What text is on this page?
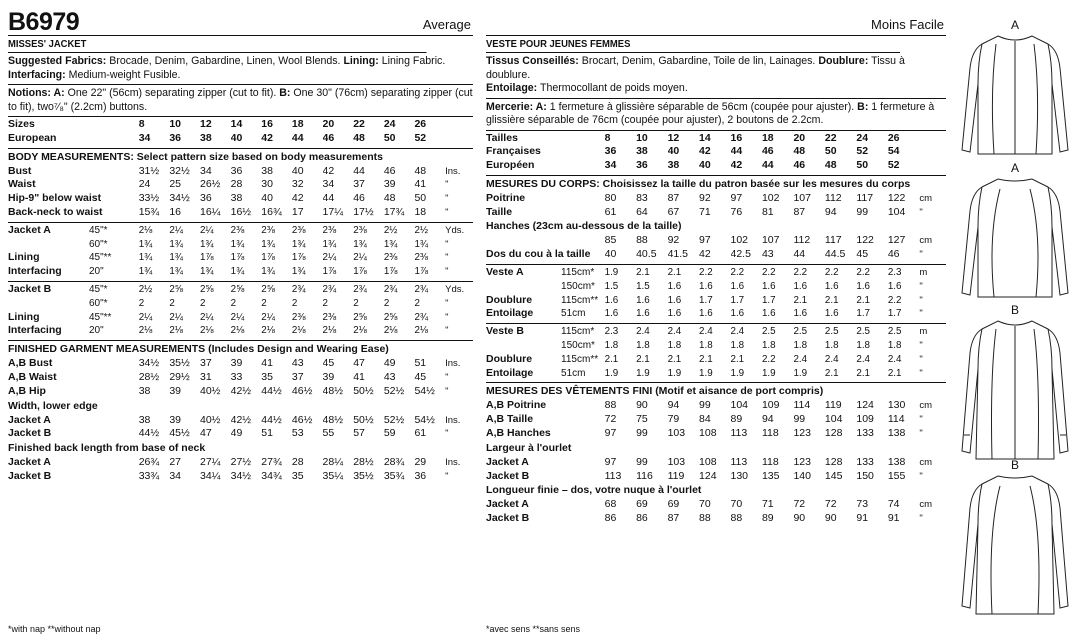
B6979	Average
MISSES' JACKET
Suggested Fabrics: Brocade, Denim, Gabardine, Linen, Wool Blends. Lining: Lining Fabric.
Interfacing: Medium-weight Fusible.
Notions: A: One 22" (56cm) separating zipper (cut to fit). B: One 30" (76cm) separating zipper (cut to fit), two⁷⁄₈" (2.2cm) buttons.
Sizes	8	10	12	14	16	18	20	22	24	26
European	34	36	38	40	42	44	46	48	50	52
BODY MEASUREMENTS: Select pattern size based on body measurements
Bust	31½	32½	34	36	38	40	42	44	46	48	Ins.
Waist	24	25	26½	28	30	32	34	37	39	41	"
Hip-9" below waist	33½	34½	36	38	40	42	44	46	48	50	"
Back-neck to waist	15¾	16	16¼	16½	16¾	17	17¼	17½	17¾	18	"
Jacket A	45"*	2⅛	2¼	2¼	2⅜	2⅜	2⅜	2⅜	2⅜	2½	2½	Yds.
	60"*	1¾	1¾	1¾	1¾	1¾	1¾	1¾	1¾	1¾	1¾	"
Lining	45"**	1¾	1¾	1⅞	1⅞	1⅞	1⅞	2¼	2¼	2⅜	2⅜	"
Interfacing	20"	1¾	1¾	1¾	1¾	1¾	1¾	1⅞	1⅞	1⅞	1⅞	"
Jacket B	45"*	2½	2⅝	2⅝	2⅝	2⅝	2¾	2¾	2¾	2¾	2¾	Yds.
	60"*	2	2	2	2	2	2	2	2	2	2	"
Lining	45"**	2¼	2¼	2¼	2¼	2¼	2⅜	2⅜	2⅝	2⅝	2¾	"
Interfacing	20"	2⅛	2⅛	2⅛	2⅛	2⅛	2⅛	2⅛	2⅛	2⅛	2⅛	"
FINISHED GARMENT MEASUREMENTS (Includes Design and Wearing Ease)
A,B Bust	34½	35½	37	39	41	43	45	47	49	51	Ins.
A,B Waist	28½	29½	31	33	35	37	39	41	43	45	"
A,B Hip	38	39	40½	42½	44½	46½	48½	50½	52½	54½	"
Width, lower edge
Jacket A	38	39	40½	42½	44½	46½	48½	50½	52½	54½	Ins.
Jacket B	44½	45½	47	49	51	53	55	57	59	61	"
Finished back length from base of neck
Jacket A	26¾	27	27¼	27½	27¾	28	28¼	28½	28¾	29	Ins.
Jacket B	33¾	34	34¼	34½	34¾	35	35¼	35½	35¾	36	"
*with nap **without nap
Moins Facile
VESTE POUR JEUNES FEMMES
Tissus Conseillés: Brocart, Denim, Gabardine, Toile de lin, Lainages. Doublure: Tissu à doublure.
Entoilage: Thermocollant de poids moyen.
Mercerie: A: 1 fermeture à glissière séparable de 56cm (coupée pour ajuster). B: 1 fermeture à glissière séparable de 76cm (coupée pour ajuster), 2 boutons de 2.2cm.
Tailles	8	10	12	14	16	18	20	22	24	26
Françaises	36	38	40	42	44	46	48	50	52	54
Européen	34	36	38	40	42	44	46	48	50	52
MESURES DU CORPS: Choisissez la taille du patron basée sur les mesures du corps
Poitrine	80	83	87	92	97	102	107	112	117	122	cm
Taille	61	64	67	71	76	81	87	94	99	104	"
Hanches (23cm au-dessous de la taille)
	85	88	92	97	102	107	112	117	122	127	cm
Dos du cou à la taille	40	40.5	41.5	42	42.5	43	44	44.5	45	46	"
Veste A	115cm*	1.9	2.1	2.1	2.2	2.2	2.2	2.2	2.2	2.2	2.3	m
	150cm*	1.5	1.5	1.6	1.6	1.6	1.6	1.6	1.6	1.6	1.6	"
Doublure	115cm**	1.6	1.6	1.6	1.7	1.7	1.7	2.1	2.1	2.1	2.2	"
Entoilage	51cm	1.6	1.6	1.6	1.6	1.6	1.6	1.6	1.6	1.7	1.7	"
Veste B	115cm*	2.3	2.4	2.4	2.4	2.4	2.5	2.5	2.5	2.5	2.5	m
	150cm*	1.8	1.8	1.8	1.8	1.8	1.8	1.8	1.8	1.8	1.8	"
Doublure	115cm**	2.1	2.1	2.1	2.1	2.1	2.2	2.4	2.4	2.4	2.4	"
Entoilage	51cm	1.9	1.9	1.9	1.9	1.9	1.9	1.9	2.1	2.1	2.1	"
MESURES DES VÊTEMENTS FINI (Motif et aisance de port compris)
A,B Poitrine	88	90	94	99	104	109	114	119	124	130	cm
A,B Taille	72	75	79	84	89	94	99	104	109	114	"
A,B Hanches	97	99	103	108	113	118	123	128	133	138	"
Largeur à l'ourlet
Jacket A	97	99	103	108	113	118	123	128	133	138	cm
Jacket B	113	116	119	124	130	135	140	145	150	155	"
Longueur finie – dos, votre nuque à l'ourlet
Jacket A	68	69	69	70	70	71	72	72	73	74	cm
Jacket B	86	86	87	88	88	89	90	90	91	91	"
*avec sens **sans sens
A
A
B
B
